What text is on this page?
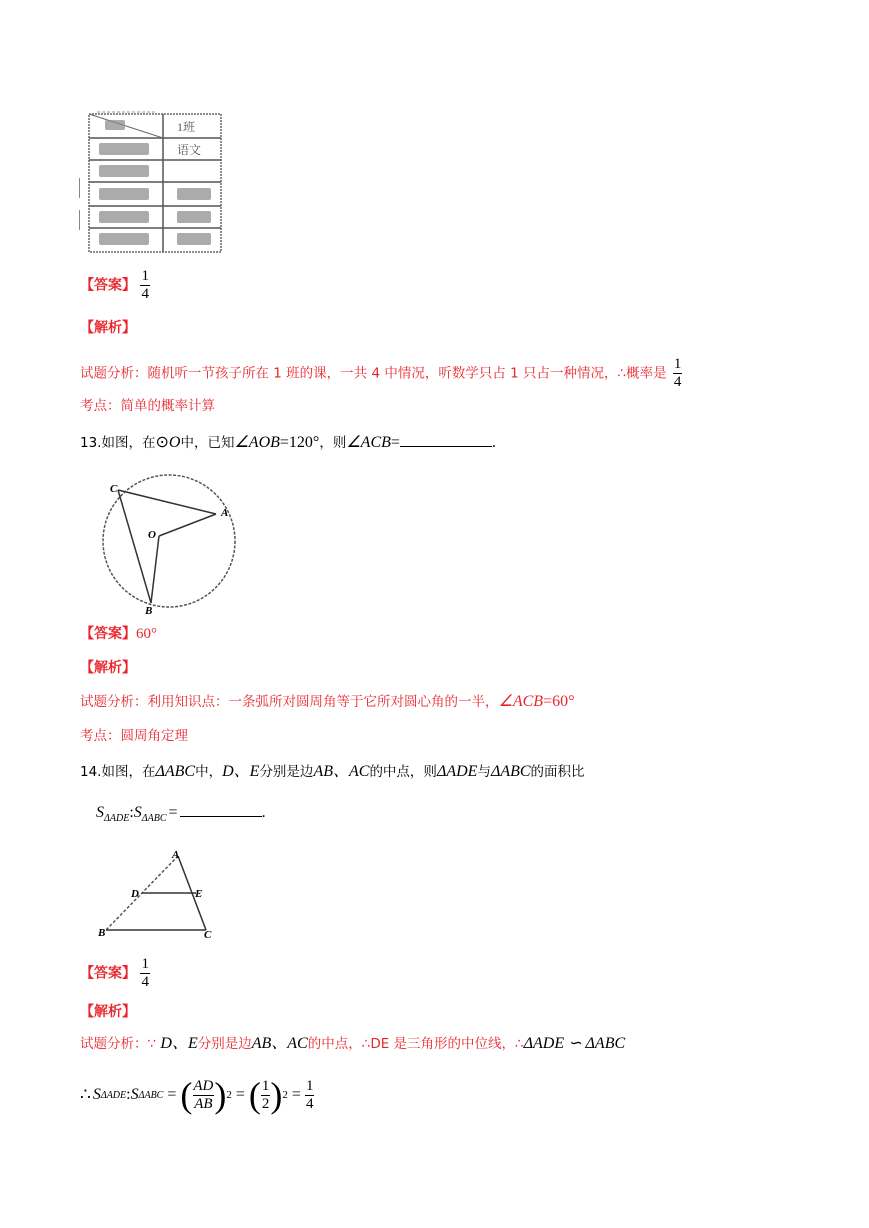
1班
语文
【答案】 $\frac{1}{4}$
【解析】
试题分析：随机听一节孩子所在 1 班的课，一共 4 中情况，听数学只占 1 只占一种情况，∴概率是 $\frac{1}{4}$
考点：简单的概率计算
13.如图，在⊙O中，已知∠AOB=120°，则∠ACB=	.
C
A
O
B
【答案】60°
【解析】
试题分析：利用知识点：一条弧所对圆周角等于它所对圆心角的一半，∠ACB=60°
考点：圆周角定理
14.如图，在ΔABC中，D、E分别是边AB、AC的中点，则ΔADE与ΔABC的面积比
$S_{\Delta ADE}:S_{\Delta ABC}$ =	.
A
D	E
B	C
【答案】 $\frac{1}{4}$
【解析】
试题分析：∵ D、E分别是边AB、AC的中点，∴DE 是三角形的中位线，∴ΔADE ∽ ΔABC
∴ S ΔADE : S ΔABC = ( $\frac{AD}{AB}$ ) 2 = ( $\frac{1}{2}$ ) $2 = \frac{1}{4}$
